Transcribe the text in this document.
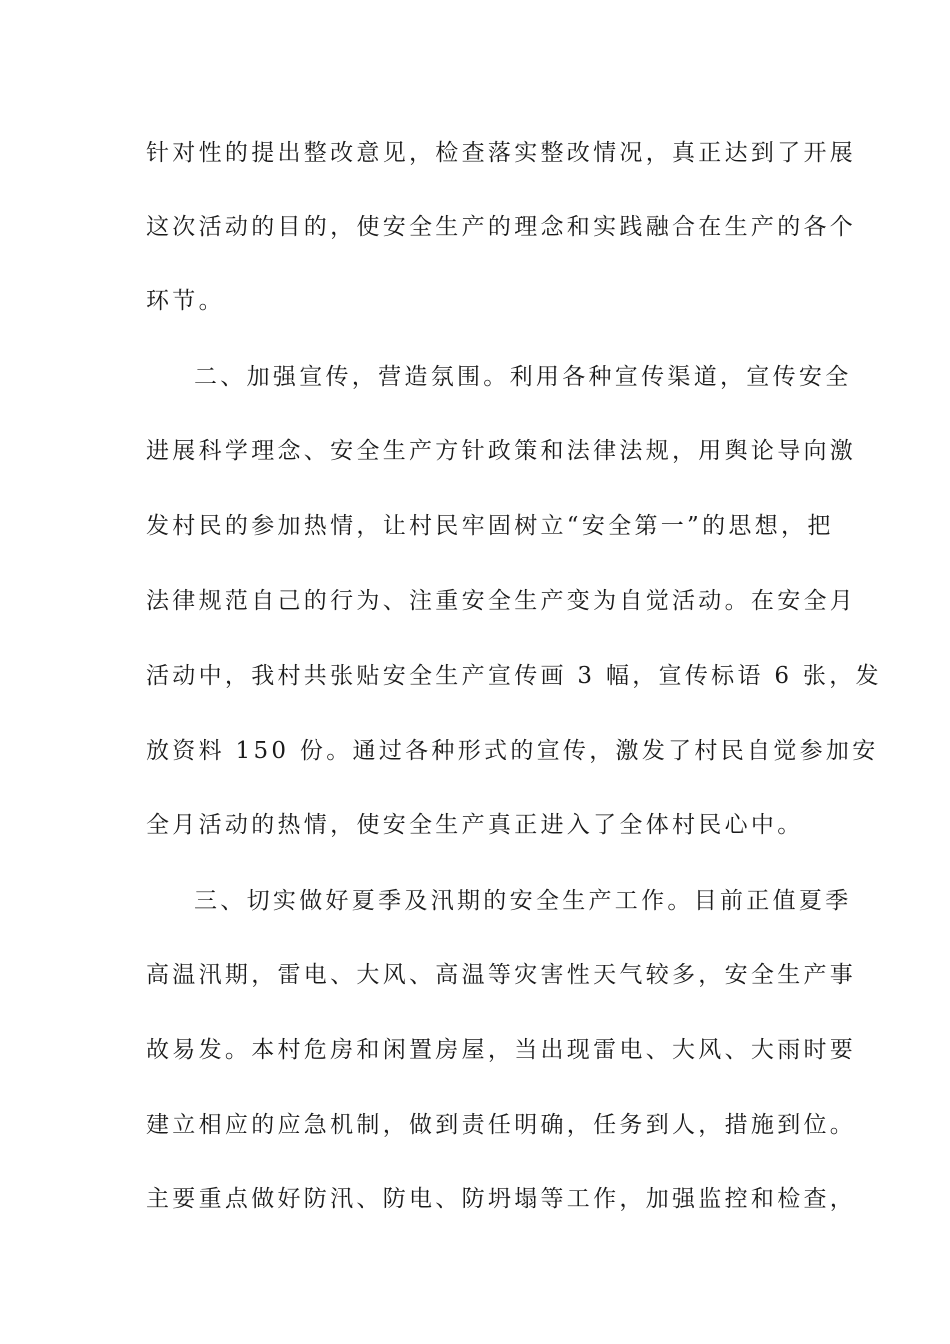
针对性的提出整改意见，检查落实整改情况，真正达到了开展
这次活动的目的，使安全生产的理念和实践融合在生产的各个
环节。
二、加强宣传，营造氛围。利用各种宣传渠道，宣传安全
进展科学理念、安全生产方针政策和法律法规，用舆论导向激
发村民的参加热情，让村民牢固树立“安全第一”的思想，把
法律规范自己的行为、注重安全生产变为自觉活动。在安全月
活动中，我村共张贴安全生产宣传画 3 幅，宣传标语 6 张，发
放资料 150 份。通过各种形式的宣传，激发了村民自觉参加安
全月活动的热情，使安全生产真正进入了全体村民心中。
三、切实做好夏季及汛期的安全生产工作。目前正值夏季
高温汛期，雷电、大风、高温等灾害性天气较多，安全生产事
故易发。本村危房和闲置房屋，当出现雷电、大风、大雨时要
建立相应的应急机制，做到责任明确，任务到人，措施到位。
主要重点做好防汛、防电、防坍塌等工作，加强监控和检查，
